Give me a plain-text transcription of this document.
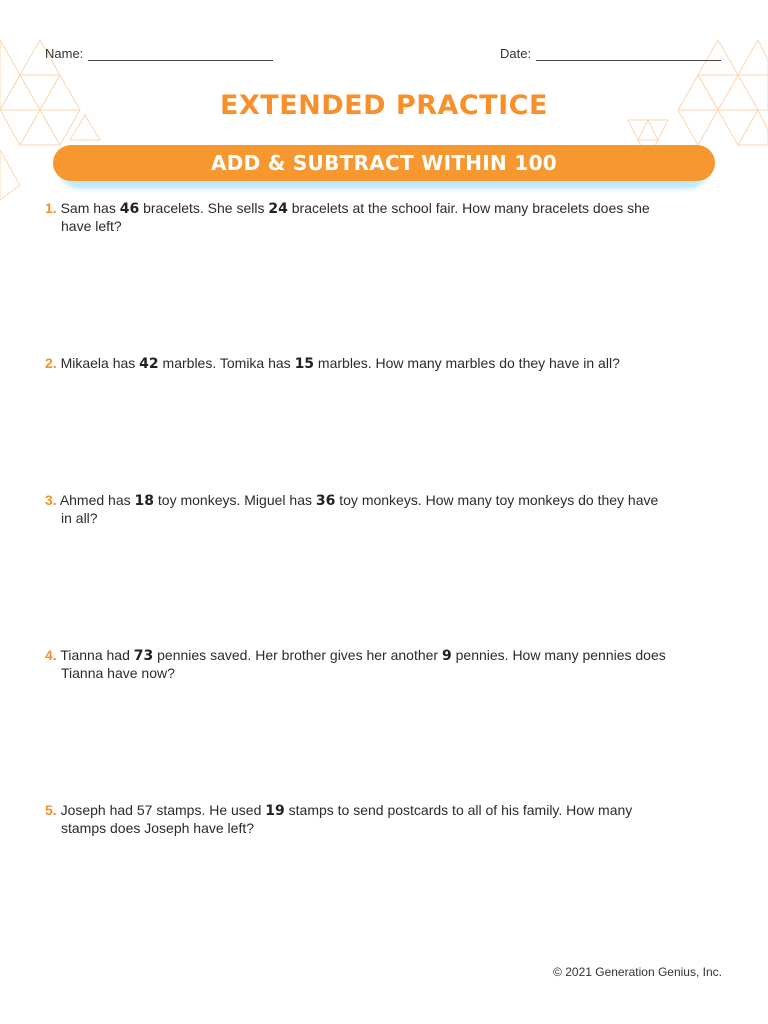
Name:	Date:
EXTENDED PRACTICE
ADD & SUBTRACT WITHIN 100
1. Sam has 46 bracelets. She sells 24 bracelets at the school fair. How many bracelets does she
have left?
2. Mikaela has 42 marbles. Tomika has 15 marbles. How many marbles do they have in all?
3. Ahmed has 18 toy monkeys. Miguel has 36 toy monkeys. How many toy monkeys do they have
in all?
4. Tianna had 73 pennies saved. Her brother gives her another 9 pennies. How many pennies does
Tianna have now?
5. Joseph had 57 stamps. He used 19 stamps to send postcards to all of his family. How many
stamps does Joseph have left?
© 2021 Generation Genius, Inc.
